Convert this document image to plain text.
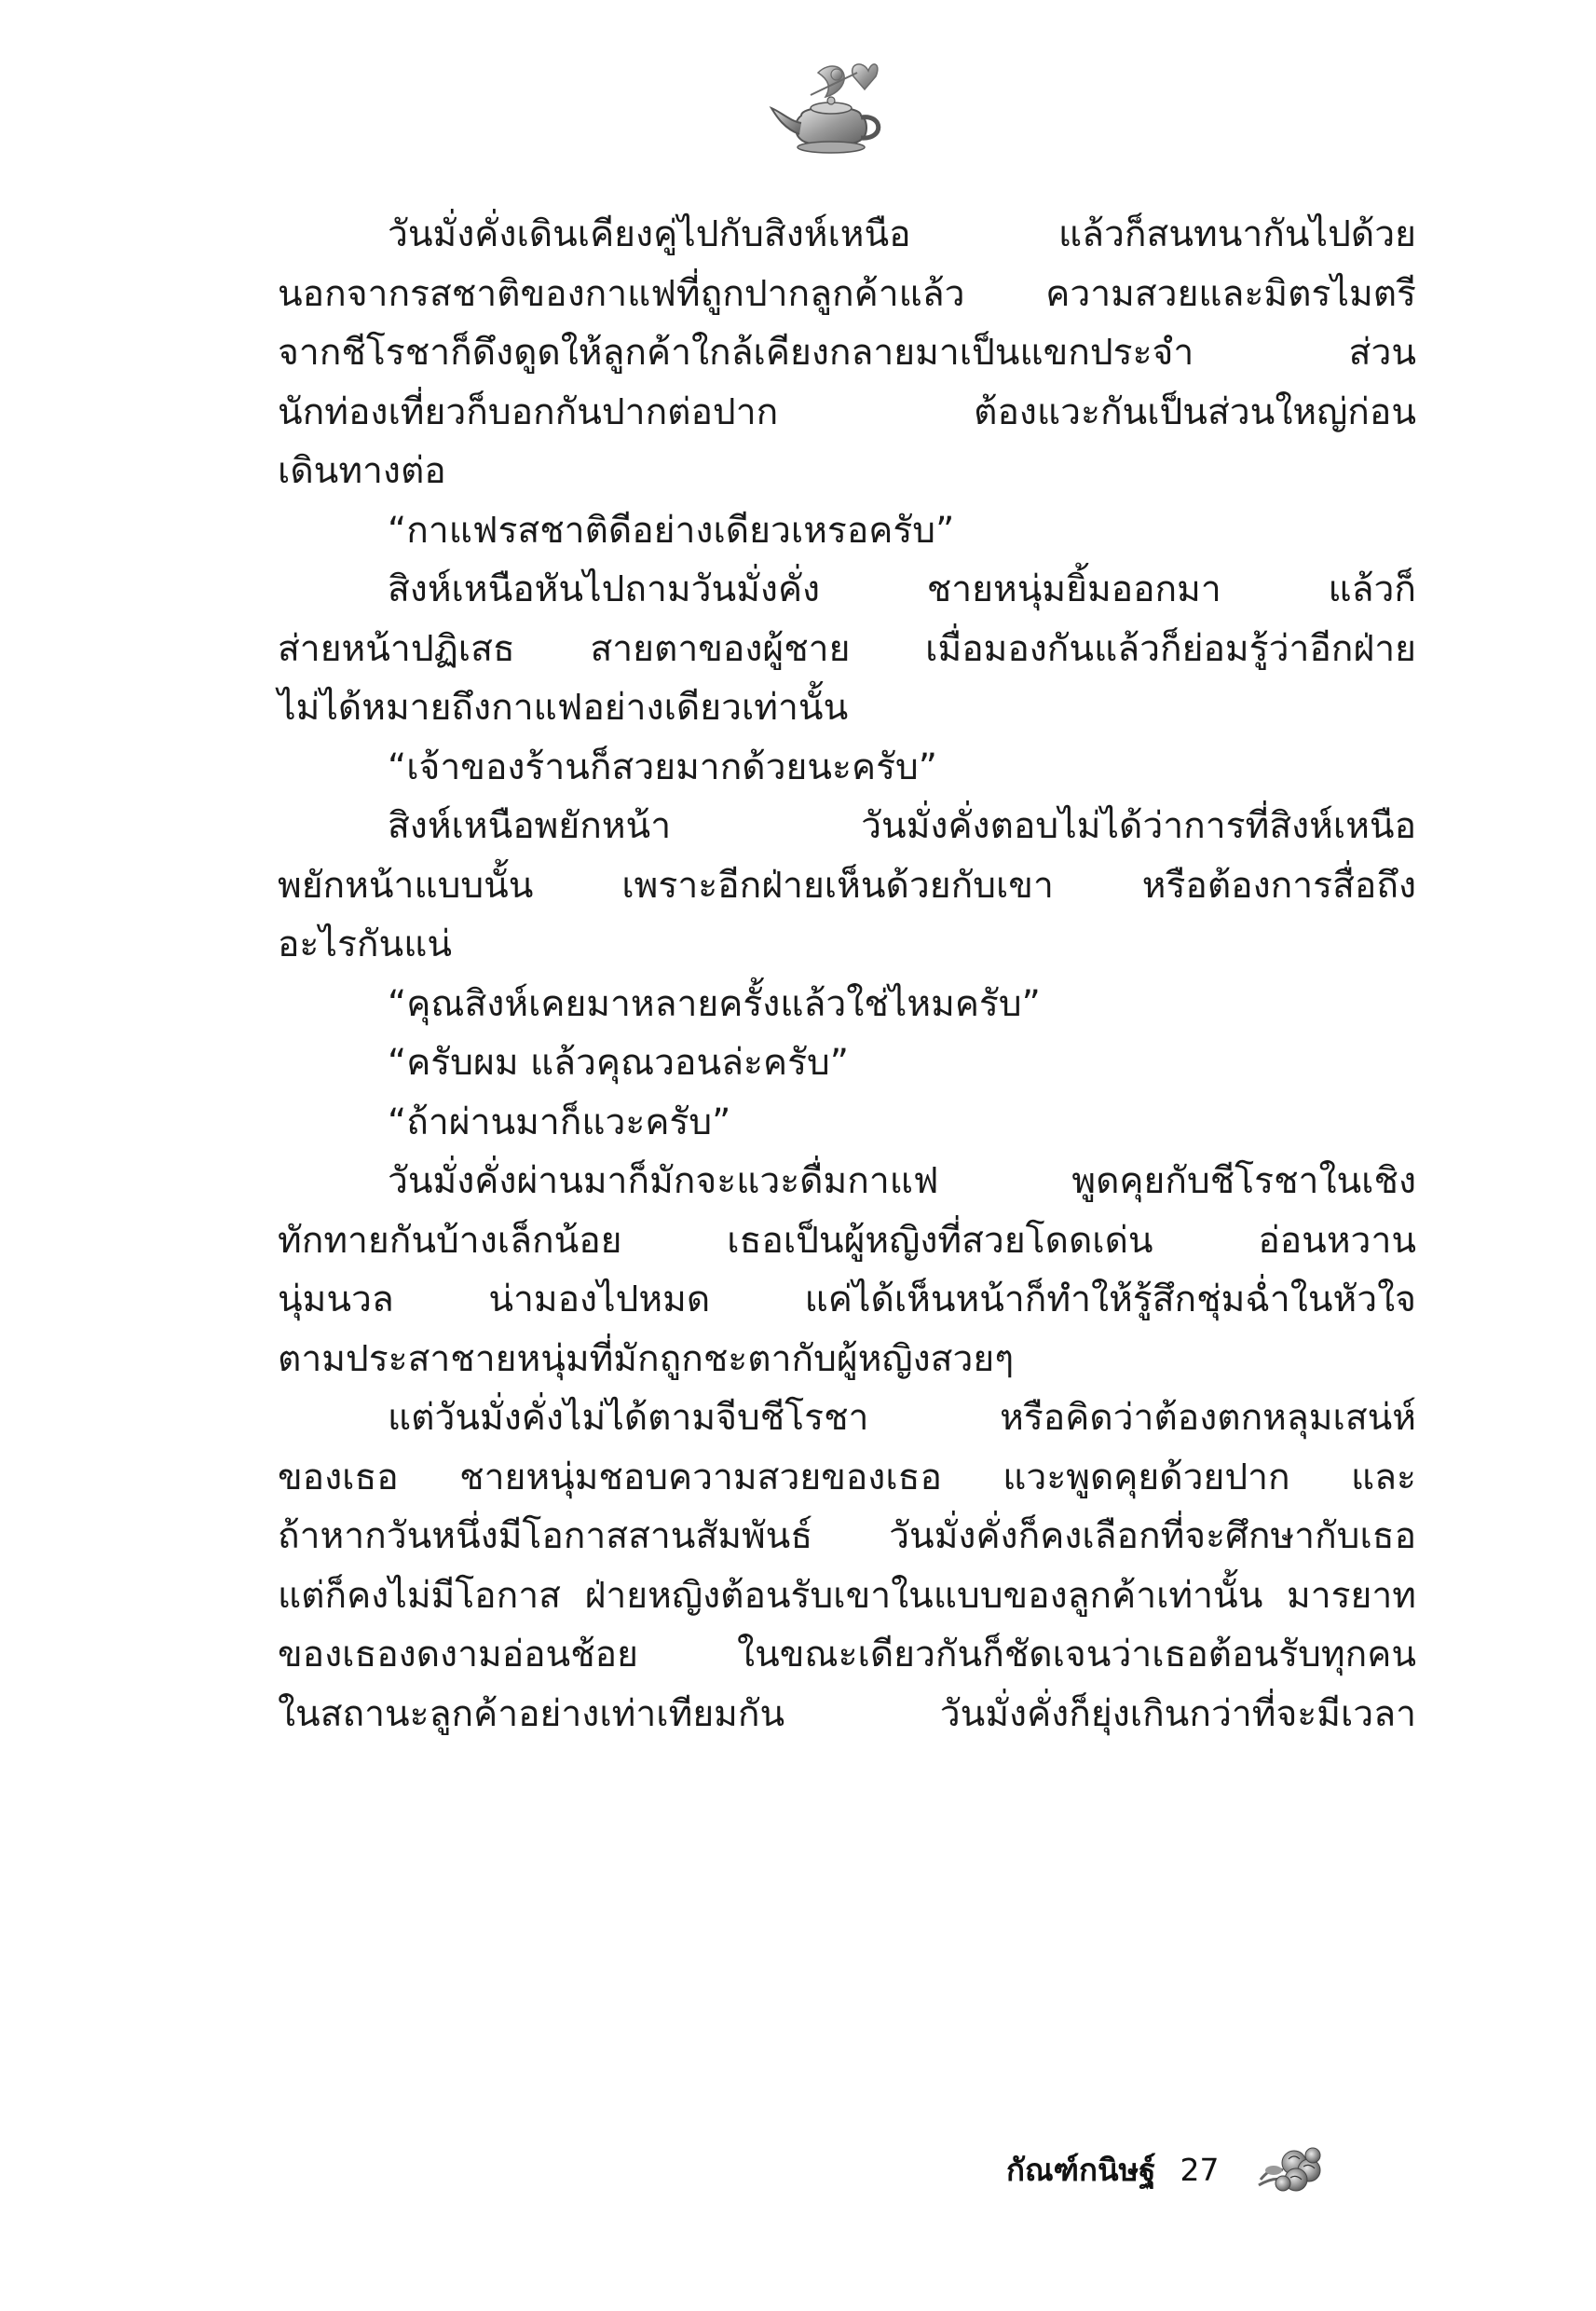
วันมั่งคั่งเดินเคียงคู่ไปกับสิงห์เหนือ แล้วก็สนทนากันไปด้วย

นอกจากรสชาติของกาแฟที่ถูกปากลูกค้าแล้ว ความสวยและมิตรไมตรี

จากชีโรชาก็ดึงดูดให้ลูกค้าใกล้เคียงกลายมาเป็นแขกประจำ ส่วน

นักท่องเที่ยวก็บอกกันปากต่อปาก ต้องแวะกันเป็นส่วนใหญ่ก่อน

เดินทางต่อ

“กาแฟรสชาติดีอย่างเดียวเหรอครับ”

สิงห์เหนือหันไปถามวันมั่งคั่ง ชายหนุ่มยิ้มออกมา แล้วก็

ส่ายหน้าปฏิเสธ สายตาของผู้ชาย เมื่อมองกันแล้วก็ย่อมรู้ว่าอีกฝ่าย

ไม่ได้หมายถึงกาแฟอย่างเดียวเท่านั้น

“เจ้าของร้านก็สวยมากด้วยนะครับ”

สิงห์เหนือพยักหน้า วันมั่งคั่งตอบไม่ได้ว่าการที่สิงห์เหนือ

พยักหน้าแบบนั้น เพราะอีกฝ่ายเห็นด้วยกับเขา หรือต้องการสื่อถึง

อะไรกันแน่

“คุณสิงห์เคยมาหลายครั้งแล้วใช่ไหมครับ”

“ครับผม แล้วคุณวอนล่ะครับ”

“ถ้าผ่านมาก็แวะครับ”

วันมั่งคั่งผ่านมาก็มักจะแวะดื่มกาแฟ พูดคุยกับชีโรชาในเชิง

ทักทายกันบ้างเล็กน้อย เธอเป็นผู้หญิงที่สวยโดดเด่น อ่อนหวาน

นุ่มนวล น่ามองไปหมด แค่ได้เห็นหน้าก็ทำให้รู้สึกชุ่มฉ่ำในหัวใจ

ตามประสาชายหนุ่มที่มักถูกชะตากับผู้หญิงสวยๆ

แต่วันมั่งคั่งไม่ได้ตามจีบชีโรชา หรือคิดว่าต้องตกหลุมเสน่ห์

ของเธอ ชายหนุ่มชอบความสวยของเธอ แวะพูดคุยด้วยปาก และ

ถ้าหากวันหนึ่งมีโอกาสสานสัมพันธ์ วันมั่งคั่งก็คงเลือกที่จะศึกษากับเธอ

แต่ก็คงไม่มีโอกาส ฝ่ายหญิงต้อนรับเขาในแบบของลูกค้าเท่านั้น มารยาท

ของเธองดงามอ่อนช้อย ในขณะเดียวกันก็ชัดเจนว่าเธอต้อนรับทุกคน

ในสถานะลูกค้าอย่างเท่าเทียมกัน วันมั่งคั่งก็ยุ่งเกินกว่าที่จะมีเวลา

กัณฑ์กนิษฐ์ 27
